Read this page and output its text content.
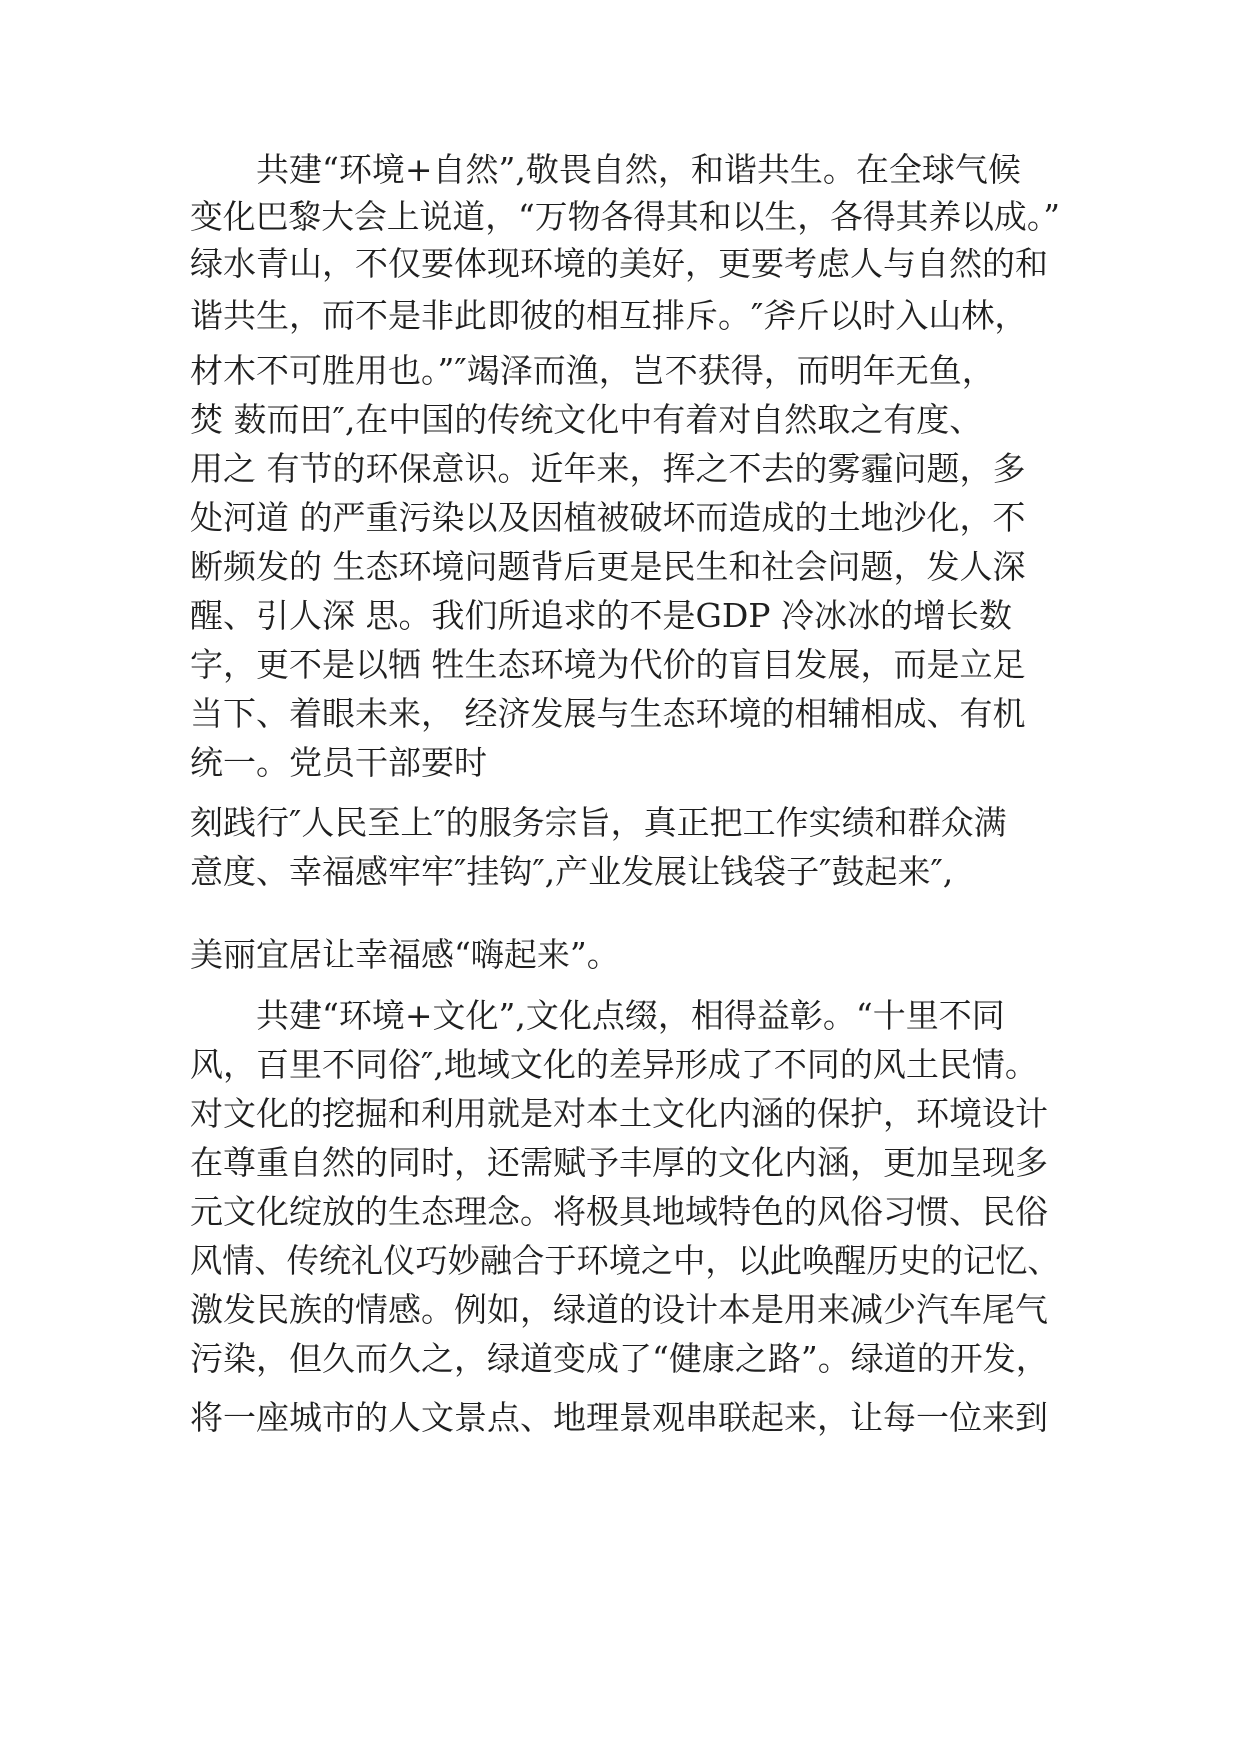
共建“环境+自然”,敬畏自然，和谐共生。在全球气候

变化巴黎大会上说道，“万物各得其和以生，各得其养以成。”

绿水青山，不仅要体现环境的美好，更要考虑人与自然的和

谐共生，而不是非此即彼的相互排斥。″斧斤以时入山林，

材木不可胜用也。”″竭泽而渔，岂不获得，而明年无鱼，

焚 薮而田″,在中国的传统文化中有着对自然取之有度、

用之 有节的环保意识。近年来，挥之不去的雾霾问题，多

处河道 的严重污染以及因植被破坏而造成的土地沙化，不

断频发的 生态环境问题背后更是民生和社会问题，发人深

醒、引人深 思。我们所追求的不是GDP 冷冰冰的增长数

字，更不是以牺 牲生态环境为代价的盲目发展，而是立足

当下、着眼未来， 经济发展与生态环境的相辅相成、有机

统一。党员干部要时

刻践行″人民至上″的服务宗旨，真正把工作实绩和群众满

意度、幸福感牢牢″挂钩″,产业发展让钱袋子″鼓起来″,

美丽宜居让幸福感“嗨起来”。

共建“环境+文化”,文化点缀，相得益彰。“十里不同

风，百里不同俗″,地域文化的差异形成了不同的风土民情。

对文化的挖掘和利用就是对本土文化内涵的保护，环境设计

在尊重自然的同时，还需赋予丰厚的文化内涵，更加呈现多

元文化绽放的生态理念。将极具地域特色的风俗习惯、民俗

风情、传统礼仪巧妙融合于环境之中，以此唤醒历史的记忆、

激发民族的情感。例如，绿道的设计本是用来减少汽车尾气

污染，但久而久之，绿道变成了“健康之路”。绿道的开发，

将一座城市的人文景点、地理景观串联起来，让每一位来到
